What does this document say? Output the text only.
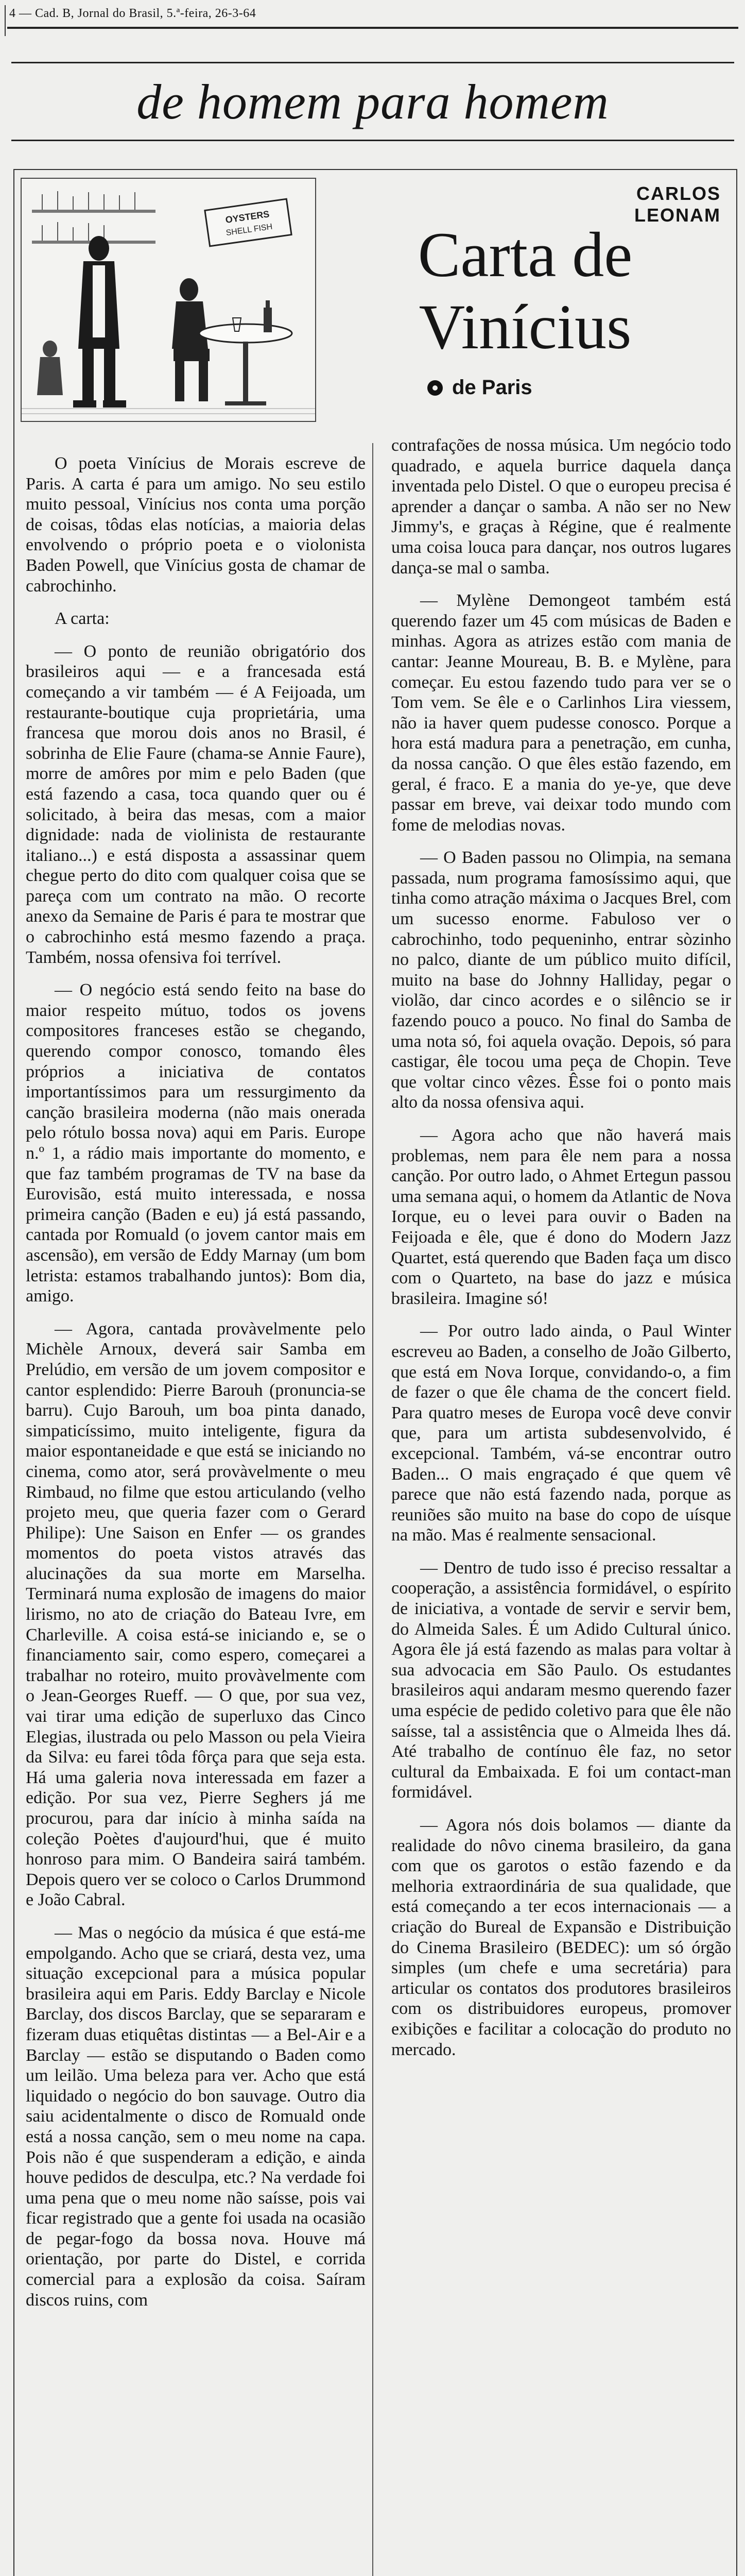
4 — Cad. B, Jornal do Brasil, 5.ª-feira, 26-3-64
de homem para homem
OYSTERS
SHELL FISH
CARLOS LEONAM
Carta de
Vinícius
de Paris

O poeta Vinícius de Morais escreve de Paris. A carta é para um amigo. No seu estilo muito pessoal, Vinícius nos conta uma porção de coisas, tôdas elas notícias, a maioria delas envolvendo o próprio poeta e o violonista Baden Powell, que Vinícius gosta de chamar de cabrochinho.

A carta:

— O ponto de reunião obrigatório dos brasileiros aqui — e a francesada está começando a vir também — é A Feijoada, um restaurante-boutique cuja proprietária, uma francesa que morou dois anos no Brasil, é sobrinha de Elie Faure (chama-se Annie Faure), morre de amôres por mim e pelo Baden (que está fazendo a casa, toca quando quer ou é solicitado, à beira das mesas, com a maior dignidade: nada de violinista de restaurante italiano...) e está disposta a assassinar quem chegue perto do dito com qualquer coisa que se pareça com um contrato na mão. O recorte anexo da Semaine de Paris é para te mostrar que o cabrochinho está mesmo fazendo a praça. Também, nossa ofensiva foi terrível.

— O negócio está sendo feito na base do maior respeito mútuo, todos os jovens compositores franceses estão se chegando, querendo compor conosco, tomando êles próprios a iniciativa de contatos importantíssimos para um ressurgimento da canção brasileira moderna (não mais onerada pelo rótulo bossa nova) aqui em Paris. Europe n.º 1, a rádio mais importante do momento, e que faz também programas de TV na base da Eurovisão, está muito interessada, e nossa primeira canção (Baden e eu) já está passando, cantada por Romuald (o jovem cantor mais em ascensão), em versão de Eddy Marnay (um bom letrista: estamos trabalhando juntos): Bom dia, amigo.

— Agora, cantada provàvelmente pelo Michèle Arnoux, deverá sair Samba em Prelúdio, em versão de um jovem compositor e cantor esplendido: Pierre Barouh (pronuncia-se barru). Cujo Barouh, um boa pinta danado, simpaticíssimo, muito inteligente, figura da maior espontaneidade e que está se iniciando no cinema, como ator, será provàvelmente o meu Rimbaud, no filme que estou articulando (velho projeto meu, que queria fazer com o Gerard Philipe): Une Saison en Enfer — os grandes momentos do poeta vistos através das alucinações da sua morte em Marselha. Terminará numa explosão de imagens do maior lirismo, no ato de criação do Bateau Ivre, em Charleville. A coisa está-se iniciando e, se o financiamento sair, como espero, começarei a trabalhar no roteiro, muito provàvelmente com o Jean-Georges Rueff. — O que, por sua vez, vai tirar uma edição de superluxo das Cinco Elegias, ilustrada ou pelo Masson ou pela Vieira da Silva: eu farei tôda fôrça para que seja esta. Há uma galeria nova interessada em fazer a edição. Por sua vez, Pierre Seghers já me procurou, para dar início à minha saída na coleção Poètes d'aujourd'hui, que é muito honroso para mim. O Bandeira sairá também. Depois quero ver se coloco o Carlos Drummond e João Cabral.

— Mas o negócio da música é que está-me empolgando. Acho que se criará, desta vez, uma situação excepcional para a música popular brasileira aqui em Paris. Eddy Barclay e Nicole Barclay, dos discos Barclay, que se separaram e fizeram duas etiquêtas distintas — a Bel-Air e a Barclay — estão se disputando o Baden como um leilão. Uma beleza para ver. Acho que está liquidado o negócio do bon sauvage. Outro dia saiu acidentalmente o disco de Romuald onde está a nossa canção, sem o meu nome na capa. Pois não é que suspenderam a edição, e ainda houve pedidos de desculpa, etc.? Na verdade foi uma pena que o meu nome não saísse, pois vai ficar registrado que a gente foi usada na ocasião de pegar-fogo da bossa nova. Houve má orientação, por parte do Distel, e corrida comercial para a explosão da coisa. Saíram discos ruins, com

contrafações de nossa música. Um negócio todo quadrado, e aquela burrice daquela dança inventada pelo Distel. O que o europeu precisa é aprender a dançar o samba. A não ser no New Jimmy's, e graças à Régine, que é realmente uma coisa louca para dançar, nos outros lugares dança-se mal o samba.

— Mylène Demongeot também está querendo fazer um 45 com músicas de Baden e minhas. Agora as atrizes estão com mania de cantar: Jeanne Moureau, B. B. e Mylène, para começar. Eu estou fazendo tudo para ver se o Tom vem. Se êle e o Carlinhos Lira viessem, não ia haver quem pudesse conosco. Porque a hora está madura para a penetração, em cunha, da nossa canção. O que êles estão fazendo, em geral, é fraco. E a mania do ye-ye, que deve passar em breve, vai deixar todo mundo com fome de melodias novas.

— O Baden passou no Olimpia, na semana passada, num programa famosíssimo aqui, que tinha como atração máxima o Jacques Brel, com um sucesso enorme. Fabuloso ver o cabrochinho, todo pequeninho, entrar sòzinho no palco, diante de um público muito difícil, muito na base do Johnny Halliday, pegar o violão, dar cinco acordes e o silêncio se ir fazendo pouco a pouco. No final do Samba de uma nota só, foi aquela ovação. Depois, só para castigar, êle tocou uma peça de Chopin. Teve que voltar cinco vêzes. Êsse foi o ponto mais alto da nossa ofensiva aqui.

— Agora acho que não haverá mais problemas, nem para êle nem para a nossa canção. Por outro lado, o Ahmet Ertegun passou uma semana aqui, o homem da Atlantic de Nova Iorque, eu o levei para ouvir o Baden na Feijoada e êle, que é dono do Modern Jazz Quartet, está querendo que Baden faça um disco com o Quarteto, na base do jazz e música brasileira. Imagine só!

— Por outro lado ainda, o Paul Winter escreveu ao Baden, a conselho de João Gilberto, que está em Nova Iorque, convidando-o, a fim de fazer o que êle chama de the concert field. Para quatro meses de Europa você deve convir que, para um artista subdesenvolvido, é excepcional. Também, vá-se encontrar outro Baden... O mais engraçado é que quem vê parece que não está fazendo nada, porque as reuniões são muito na base do copo de uísque na mão. Mas é realmente sensacional.

— Dentro de tudo isso é preciso ressaltar a cooperação, a assistência formidável, o espírito de iniciativa, a vontade de servir e servir bem, do Almeida Sales. É um Adido Cultural único. Agora êle já está fazendo as malas para voltar à sua advocacia em São Paulo. Os estudantes brasileiros aqui andaram mesmo querendo fazer uma espécie de pedido coletivo para que êle não saísse, tal a assistência que o Almeida lhes dá. Até trabalho de contínuo êle faz, no setor cultural da Embaixada. E foi um contact-man formidável.

— Agora nós dois bolamos — diante da realidade do nôvo cinema brasileiro, da gana com que os garotos o estão fazendo e da melhoria extraordinária de sua qualidade, que está começando a ter ecos internacionais — a criação do Bureal de Expansão e Distribuição do Cinema Brasileiro (BEDEC): um só órgão simples (um chefe e uma secretária) para articular os contatos dos produtores brasileiros com os distribuidores europeus, promover exibições e facilitar a colocação do produto no mercado.
